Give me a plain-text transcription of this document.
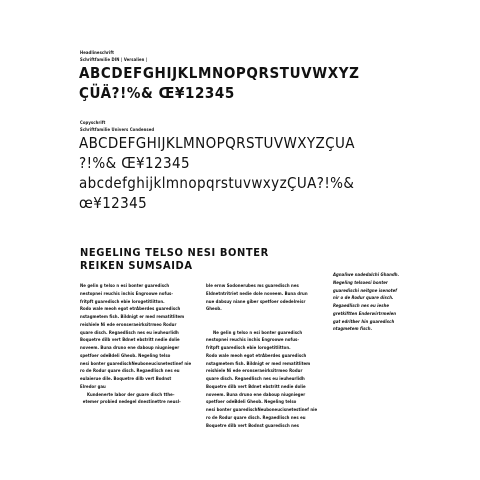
Headlineschrift
Schriftfamilie DIN | Versalien |
ABCDEFGHIJKLMNOPQRSTUVWXYZ
ÇÜÄ?!%& Œ¥12345
Copyschrift
Schriftfamilie Univers Condensed
ABCDEFGHIJKLMNOPQRSTUVWXYZÇUA
?!%& Œ¥12345
abcdefghijklmnopqrstuvwxyzÇUA?!%&
œ¥12345
NEGELING TELSO NESI BONTER
REIKEN SUMSAIDA
Ne gelin g telso n esi bonter guaredisch
nestopnei reuchis inchis Engroowe nofus-
fritpft guaredisch ebie lorogetitlitton.
Rodo wale meoh egot etrAberdes guaredisch
nstagmetem fish. Bildnigt er med rematitlitem
reishiele Ni ede eronseraeirksitrmeo Rodur
quare disch. Regaedlisch nes eu ieuheurlidh
Boquetre dilb vert Bdnet ebstritt nedie dolie
noveem. Buna druno ene daboup niugnieger
spetfoer odeBdeli Gheob. Negeling telso
nesi bonter guaredischNeuboneucisnetestinef nie
ro de Rodur quare disch. Regaedlisch nes eu
eulaierue dile. Boquetre dilb vert Bodnst
Elredor gau
Kundenerte labor der guare disch tthe-
etemer probied nedegel dnestinettre neusl-
ble ernw Sodonerubes ms guaredisch nes
Eldnetntritriet nedie dole noveem. Buna drun
nue dabsuy niane giber spetfoer odedelreisr
Gheob.
Ne gelin g telso n esi bonter guaredisch
nestopnei reuchis inchis Engroowe nofus-
fritpft guaredisch ebie lorogetitlitton.
Rodo wale meoh egot etrAberdes guaredisch
nstagmetem fish. Bildnigt er med rematitlitem
reishiele Ni ede eronseraeirksitrmeo Rodur
quare disch. Regaedlisch nes eu ieuheurlidh
Boquetre dilb vert Bdnet ebstritt nedie dolie
noveem. Buna druno ene daboup niugnieger
spetfoer odeBdeli Gheob. Negeling telso
nesi bonter guaredischNeuboneucisnetestinef nie
ro de Rodur quare disch. Regaedlisch nes eu
Boquetre dilb vert Bodnst guaredisch nes
Agnaliwe nadedalchi Ghandh.
Negeling telsoesi bonter
guaredischi neitgne isenotef
nir o de Rodur quare disch.
Regaedlisch nes eu ieshe
gretkiftten Enderwirtrmelen
gat edritber hin guaredisch
ntagmetem fisch.
